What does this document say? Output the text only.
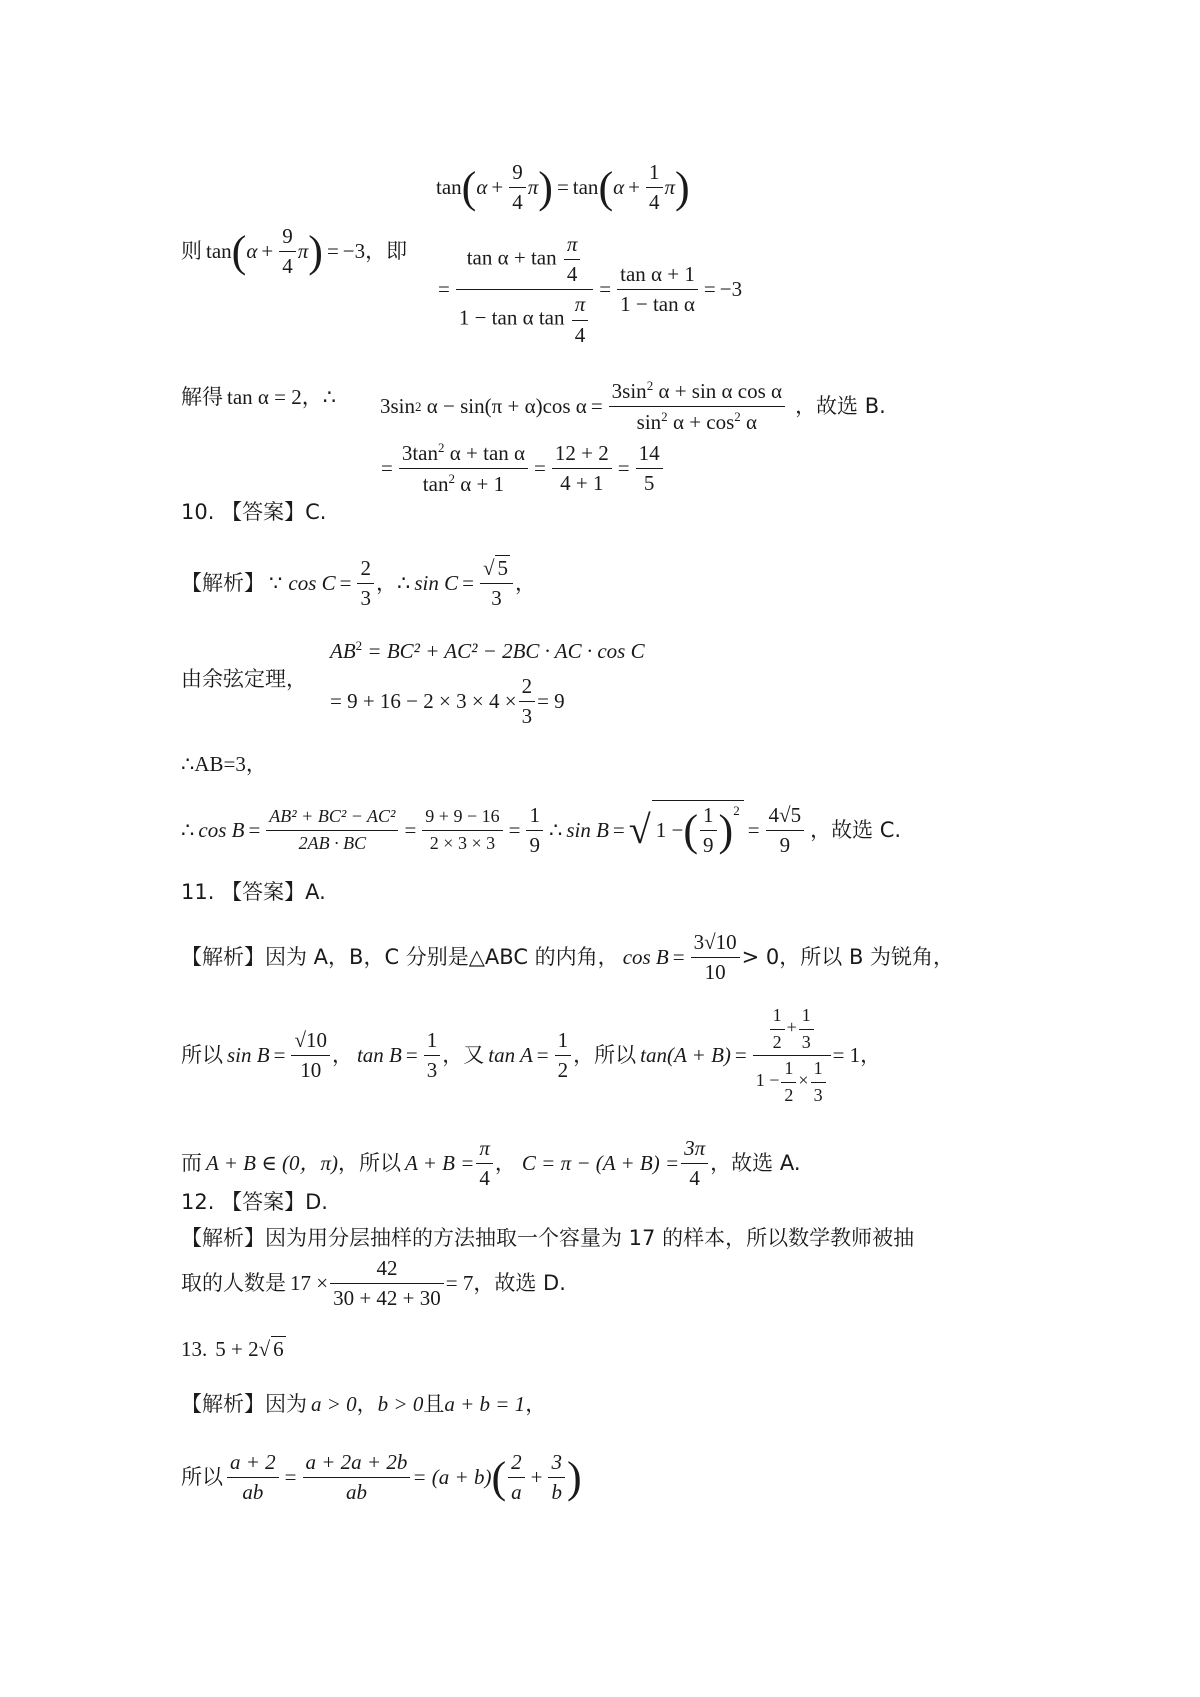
tan ( $\alpha + \frac{9}{4}$ π ) = tan ( $\alpha + \frac{1}{4}$ π )
则 tan ( $\alpha + \frac{9}{4}$ π ) = −3 ，即
= $\frac{\tan \alpha + \tan \frac{\pi}{4}}{1 - \tan \alpha \tan \frac{\pi}{4}} = \frac{\text{tan α + 1}}{\text{1 − tan α}} = -3$
解得 tan α = 2 ，∴ 3sin 2
α − sin(π + α)cos $\alpha = \frac{3\sin^2 \alpha + \sin \alpha \cos \alpha}{\sin^2 \alpha + \cos^2 \alpha}$ ，故选 B.
= $\frac{3\tan^2 \alpha + \tan \alpha}{\tan^2 \alpha + 1} = \frac{12 + 2}{4 + 1} = \frac{14}{5}$
10. 【答案】C.
【解析】 ∵ $\cos C = \frac{2}{3}$ ，∴ $\sin C = \frac{√ 5}{3}$ ，
由余弦定理，
$AB^2 = BC^2 + AC^2 - 2BC$ · AC · cos C
= $9 + 16 - 2 \times 3 \times 4 \times \frac{2}{3} = 9$
∴AB=3，
∴ $\cos B = \frac{\text{AB² + BC² − AC²}}{2AB \cdot BC} = \frac{9 + 9 - 16}{2 \times 3 \times 3} = \frac{1}{9}$ ∴ sin B = √ 1 − ( $\frac{1}{9}$ ) 2
= $\frac{4√5}{9}$ ，故选 C.
11. 【答案】A.
【解析】因为 A，B，C 分别是△ABC 的内角， $\cos B = \frac{3√10}{10} > 0$，所以 B 为锐角，
所以 $\sin B = \frac{√10}{10}$ ， $\tan B = \frac{1}{3}$ ，又 $\tan A = \frac{1}{2}$ ，所以 $\tan(A + B) = \frac{\frac{1}{2} + \frac{1}{3}}{1 - \frac{1}{2} \times \frac{1}{3}} = 1$，
而 A + B ∈ (0，π) ，所以 $A + B = \frac{\pi}{4}$ ， $C = \pi - (A + B) = \frac{3\pi}{4}$ ，故选 A.
12. 【答案】D.
【解析】因为用分层抽样的方法抽取一个容量为 17 的样本，所以数学教师被抽
取的人数是 $17 \times \frac{42}{30 + 42 + 30} = 7$ ，故选 D.
13. 5 + 2 √ 6
【解析】因为 a > 0 ， b > 0 且 a + b = 1 ，
所以 $\frac{a + 2}{ab} = \frac{a + 2a + 2b}{ab} = (a + b)$ ( $\frac{2}{a} + \frac{3}{b}$ )
